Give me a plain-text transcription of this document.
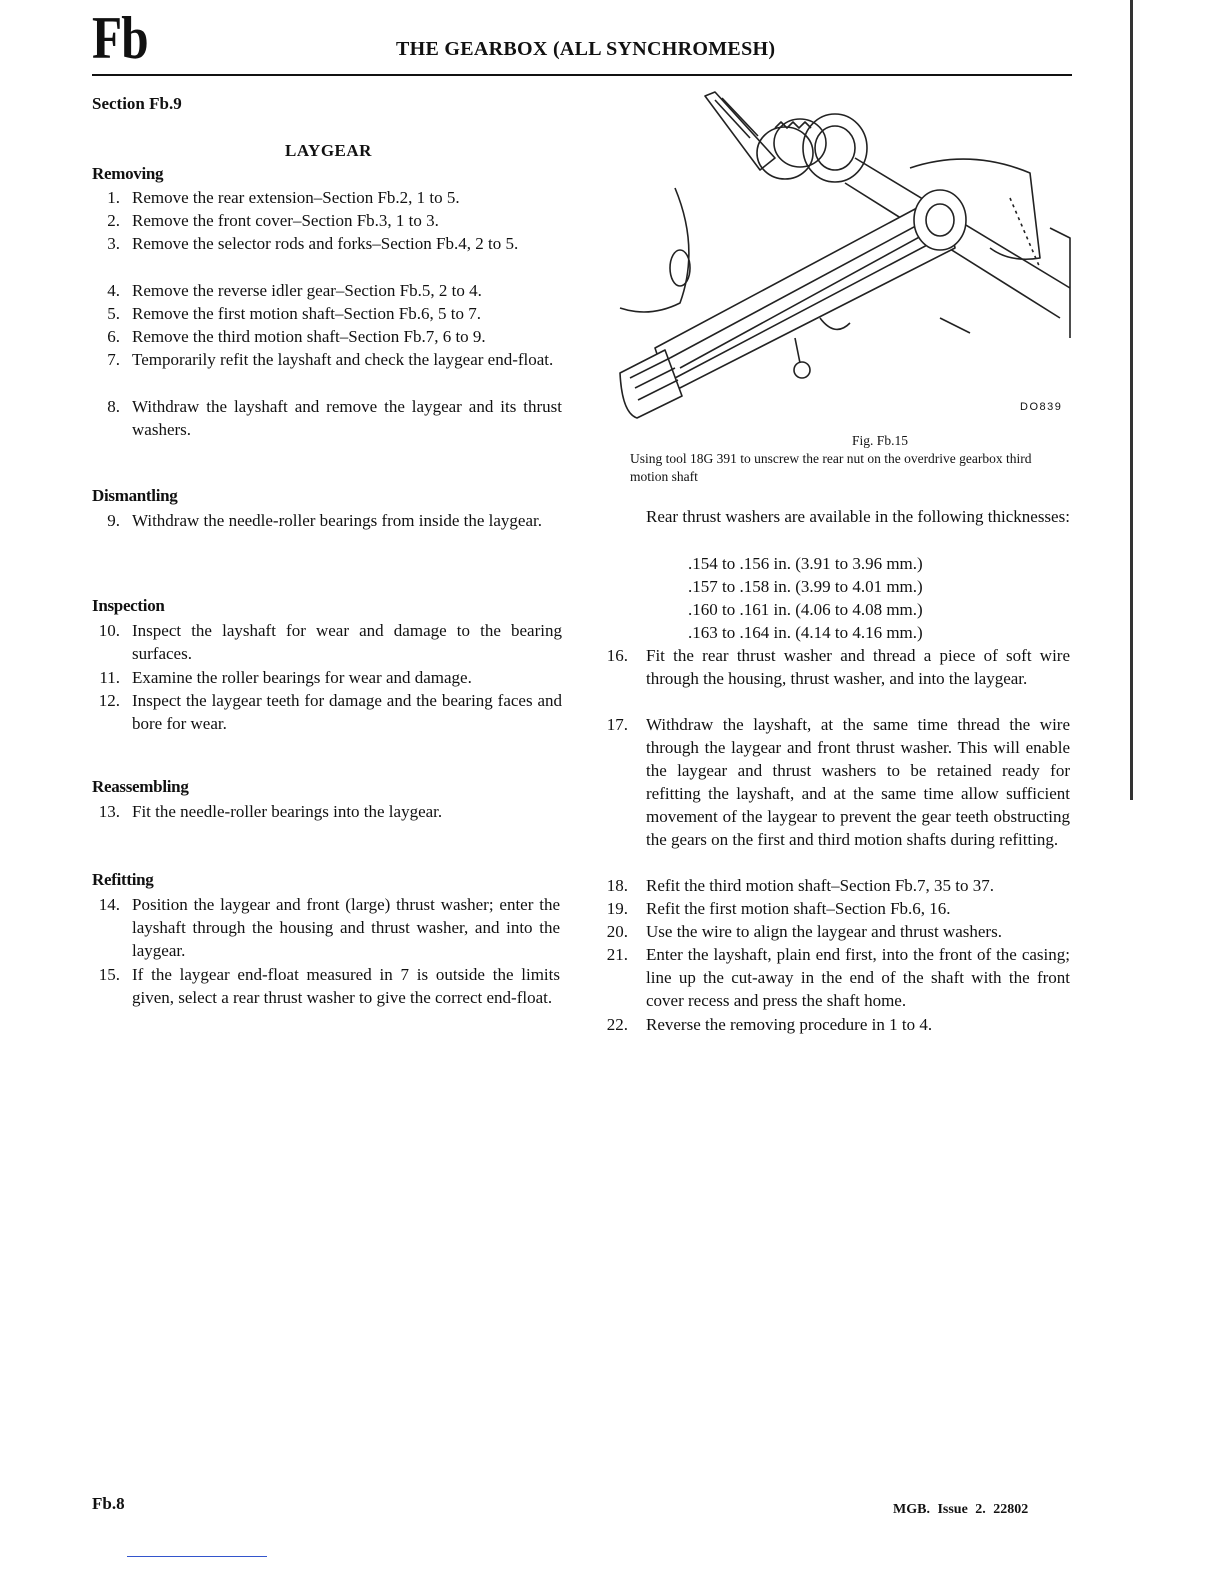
Fb	THE GEARBOX (ALL SYNCHROMESH)
Section Fb.9
LAYGEAR
Removing
1. Remove the rear extension–Section Fb.2, 1 to 5.
2. Remove the front cover–Section Fb.3, 1 to 3.
3. Remove the selector rods and forks–Section Fb.4, 2 to 5.
4. Remove the reverse idler gear–Section Fb.5, 2 to 4.
5. Remove the first motion shaft–Section Fb.6, 5 to 7.
6. Remove the third motion shaft–Section Fb.7, 6 to 9.
7. Temporarily refit the layshaft and check the laygear end-float.
8. Withdraw the layshaft and remove the laygear and its thrust washers.
Dismantling
9. Withdraw the needle-roller bearings from inside the laygear.
Inspection
10. Inspect the layshaft for wear and damage to the bearing surfaces.
11. Examine the roller bearings for wear and damage.
12. Inspect the laygear teeth for damage and the bearing faces and bore for wear.
Reassembling
13. Fit the needle-roller bearings into the laygear.
Refitting
14. Position the laygear and front (large) thrust washer; enter the layshaft through the housing and thrust washer, and into the laygear.
15. If the laygear end-float measured in 7 is outside the limits given, select a rear thrust washer to give the correct end-float.
DO839
Fig. Fb.15
Using tool 18G 391 to unscrew the rear nut on the overdrive gearbox third motion shaft
Rear thrust washers are available in the following thicknesses:
.154 to .156 in. (3.91 to 3.96 mm.)
.157 to .158 in. (3.99 to 4.01 mm.)
.160 to .161 in. (4.06 to 4.08 mm.)
.163 to .164 in. (4.14 to 4.16 mm.)
16. Fit the rear thrust washer and thread a piece of soft wire through the housing, thrust washer, and into the laygear.
17. Withdraw the layshaft, at the same time thread the wire through the laygear and front thrust washer. This will enable the laygear and thrust washers to be retained ready for refitting the layshaft, and at the same time allow sufficient movement of the laygear to prevent the gear teeth obstructing the gears on the first and third motion shafts during refitting.
18. Refit the third motion shaft–Section Fb.7, 35 to 37.
19. Refit the first motion shaft–Section Fb.6, 16.
20. Use the wire to align the laygear and thrust washers.
21. Enter the layshaft, plain end first, into the front of the casing; line up the cut-away in the end of the shaft with the front cover recess and press the shaft home.
22. Reverse the removing procedure in 1 to 4.
Fb.8	MGB. Issue 2. 22802
